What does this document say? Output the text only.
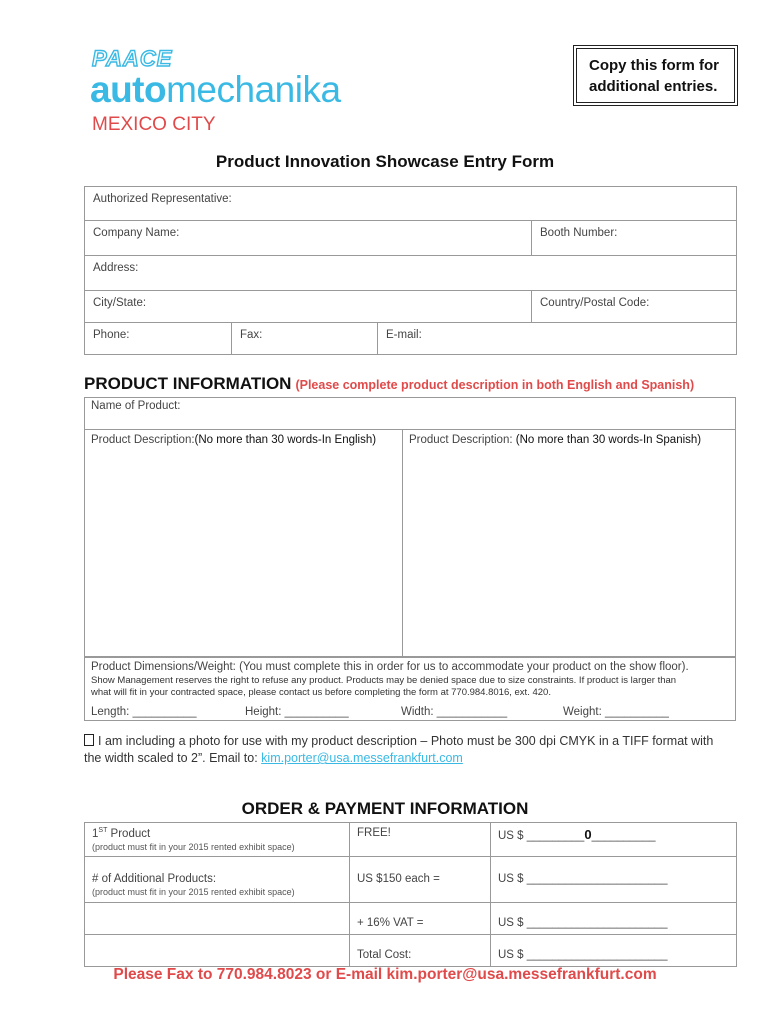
PAACE
automechanika
MEXICO CITY
Copy this form for
additional entries.
Product Innovation Showcase Entry Form
Authorized Representative:			
Company Name:			Booth Number:
Address:			
City/State:			Country/Postal Code:
Phone:	Fax:	E-mail:	
PRODUCT INFORMATION (Please complete product description in both English and Spanish)
Name of Product:
Product Description:(No more than 30 words-In English)	Product Description: (No more than 30 words-In Spanish)
Product Dimensions/Weight: (You must complete this in order for us to accommodate your product on the show floor).
Show Management reserves the right to refuse any product. Products may be denied space due to size constraints. If product is larger than
what will fit in your contracted space, please contact us before completing the form at 770.984.8016, ext. 420.
Length: __________	Height: __________	Width: ___________	Weight: __________
I am including a photo for use with my product description – Photo must be 300 dpi CMYK in a TIFF format with
the width scaled to 2”. Email to: kim.porter@usa.messefrankfurt.com
ORDER & PAYMENT INFORMATION
1ST Product
(product must fit in your 2015 rented exhibit space)	FREE!	US $ _________0__________
# of Additional Products:
(product must fit in your 2015 rented exhibit space)	US $150 each =	US $ ______________________
	+ 16% VAT =	US $ ______________________
	Total Cost:	US $ ______________________
Please Fax to 770.984.8023 or E-mail kim.porter@usa.messefrankfurt.com
